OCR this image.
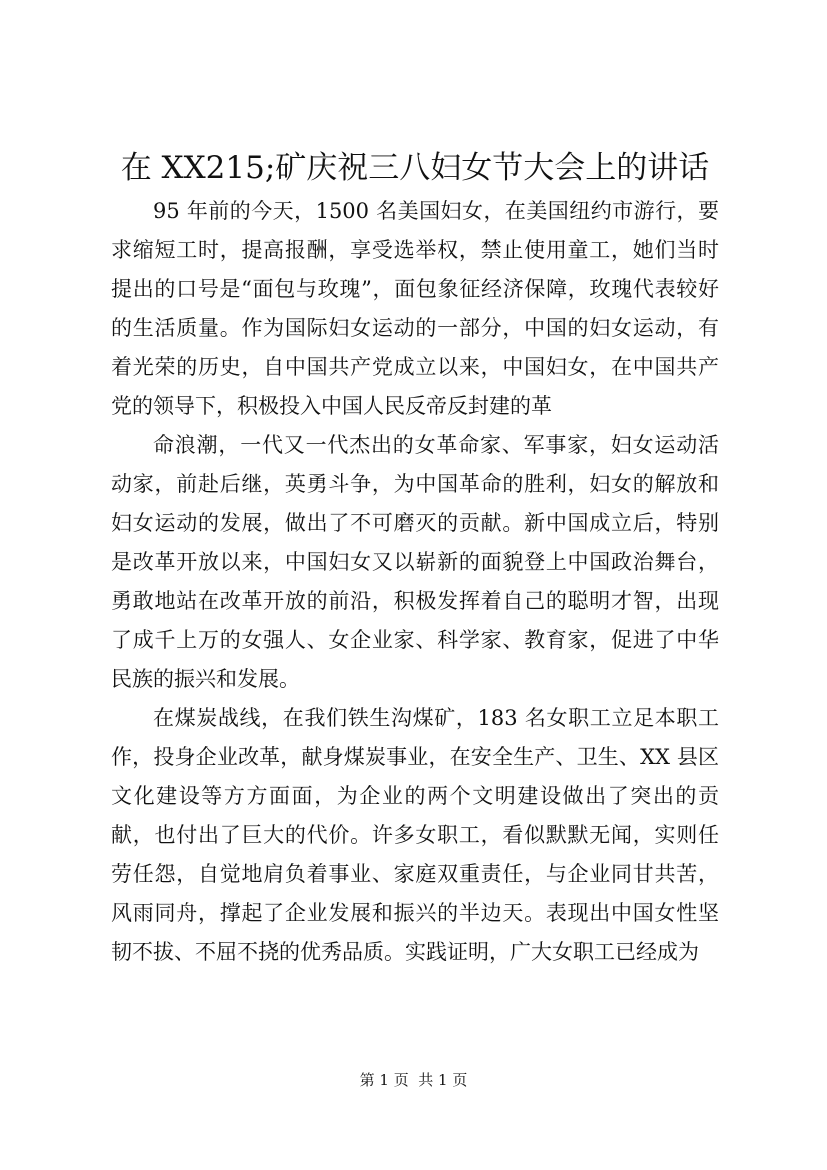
在 XX215;矿庆祝三八妇女节大会上的讲话

95 年前的今天，1500 名美国妇女，在美国纽约市游行，要求缩短工时，提高报酬，享受选举权，禁止使用童工，她们当时提出的口号是“面包与玫瑰”，面包象征经济保障，玫瑰代表较好的生活质量。作为国际妇女运动的一部分，中国的妇女运动，有着光荣的历史，自中国共产党成立以来，中国妇女，在中国共产党的领导下，积极投入中国人民反帝反封建的革

命浪潮，一代又一代杰出的女革命家、军事家，妇女运动活动家，前赴后继，英勇斗争，为中国革命的胜利，妇女的解放和妇女运动的发展，做出了不可磨灭的贡献。新中国成立后，特别是改革开放以来，中国妇女又以崭新的面貌登上中国政治舞台，勇敢地站在改革开放的前沿，积极发挥着自己的聪明才智，出现了成千上万的女强人、女企业家、科学家、教育家，促进了中华民族的振兴和发展。

在煤炭战线，在我们铁生沟煤矿，183 名女职工立足本职工作，投身企业改革，献身煤炭事业，在安全生产、卫生、XX 县区文化建设等方方面面，为企业的两个文明建设做出了突出的贡献，也付出了巨大的代价。许多女职工，看似默默无闻，实则任劳任怨，自觉地肩负着事业、家庭双重责任，与企业同甘共苦，风雨同舟，撑起了企业发展和振兴的半边天。表现出中国女性坚韧不拔、不屈不挠的优秀品质。实践证明，广大女职工已经成为

第 1 页  共 1 页
